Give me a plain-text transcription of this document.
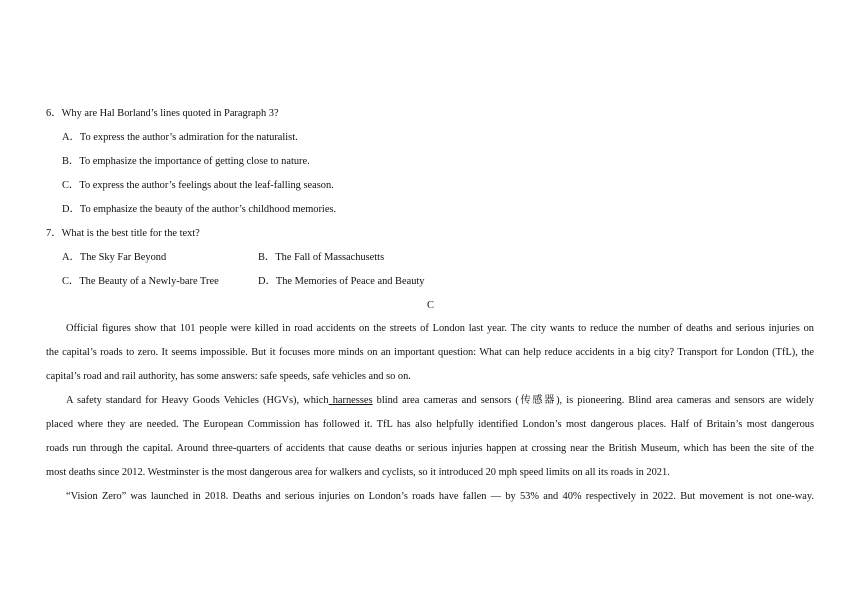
6．Why are Hal Borland’s lines quoted in Paragraph 3?
A．To express the author’s admiration for the naturalist.
B．To emphasize the importance of getting close to nature.
C．To express the author’s feelings about the leaf-falling season.
D．To emphasize the beauty of the author’s childhood memories.
7．What is the best title for the text?
A．The Sky Far Beyond	B．The Fall of Massachusetts
C．The Beauty of a Newly-bare Tree	D．The Memories of Peace and Beauty
C
Official figures show that 101 people were killed in road accidents on the streets of London last year. The city wants to reduce the number of deaths and serious injuries on
the capital’s roads to zero. It seems impossible. But it focuses more minds on an important question: What can help reduce accidents in a big city? Transport for London (TfL), the
capital’s road and rail authority, has some answers: safe speeds, safe vehicles and so on.
A safety standard for Heavy Goods Vehicles (HGVs), which harnesses blind area cameras and sensors (传感器), is pioneering. Blind area cameras and sensors are widely
placed where they are needed. The European Commission has followed it. TfL has also helpfully identified London’s most dangerous places. Half of Britain’s most dangerous
roads run through the capital. Around three-quarters of accidents that cause deaths or serious injuries happen at crossing near the British Museum, which has been the site of the
most deaths since 2012. Westminster is the most dangerous area for walkers and cyclists, so it introduced 20 mph speed limits on all its roads in 2021.
“Vision Zero” was launched in 2018. Deaths and serious injuries on London’s roads have fallen — by 53% and 40% respectively in 2022. But movement is not one-way.
